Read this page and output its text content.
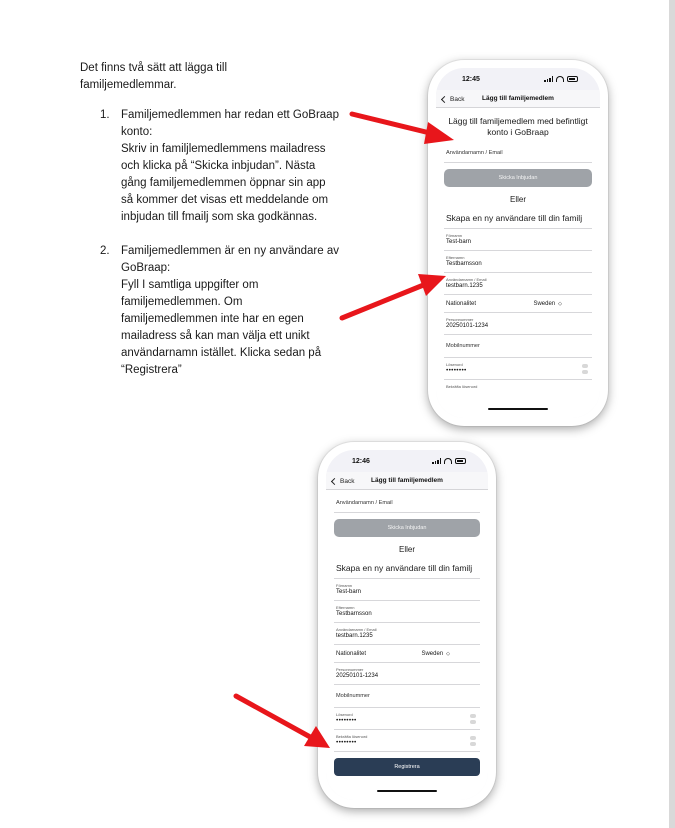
Det finns två sätt att lägga till familjemedlemmar.
1. Familjemedlemmen har redan ett GoBraap konto:

Skriv in familjlemedlemmens mailadress och klicka på “Skicka inbjudan”. Nästa gång familjemedlemmen öppnar sin app så kommer det visas ett meddelande om inbjudan till fmailj som ska godkännas.

2. Familjemedlemmen är en ny användare av GoBraap:

Fyll I samtliga uppgifter om familjemedlemmen. Om familjemedlemmen inte har en egen mailadress så kan man välja ett unikt användarnamn istället. Klicka sedan på “Registrera”

12:45
Back	Lägg till familjemedlem
Lägg till familjemedlem med befintligt konto i GoBraap
Användarnamn / Email
Skicka Inbjudan
Eller
Skapa en ny användare till din familj
Förnamn
Test-barn
Efternamn
Testbarnsson
Användarnamn / Email
testbarn.1235
Nationalitet	Sweden ◇
Personnummer
20250101-1234
Mobilnummer
Lösenord
••••••••
Bekräfta lösenord
12:46
Back	Lägg till familjemedlem
Användarnamn / Email
Skicka Inbjudan
Eller
Skapa en ny användare till din familj
Förnamn
Test-barn
Efternamn
Testbarnsson
Användarnamn / Email
testbarn.1235
Nationalitet	Sweden ◇
Personnummer
20250101-1234
Mobilnummer
Lösenord
••••••••
Bekräfta lösenord
••••••••
Registrera
